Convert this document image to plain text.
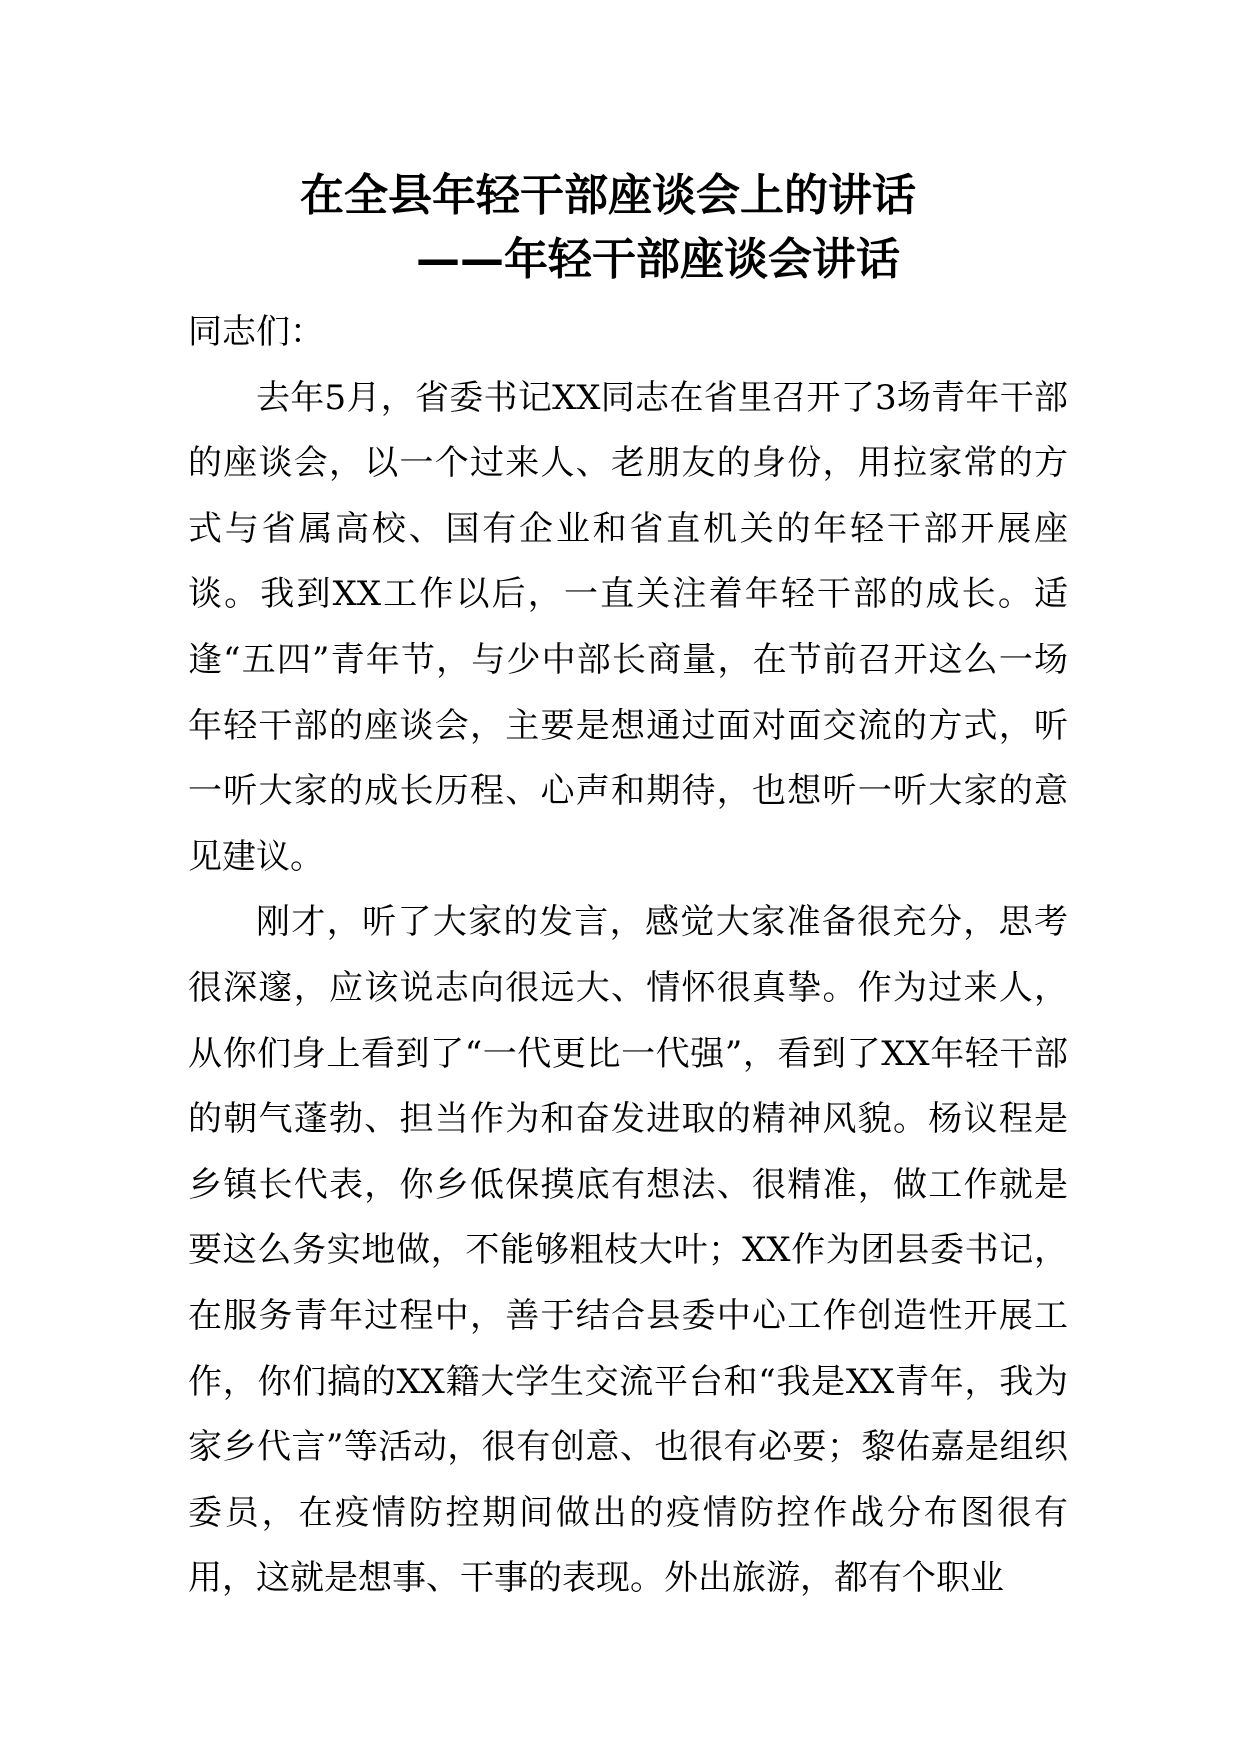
在全县年轻干部座谈会上的讲话
——年轻干部座谈会讲话

同志们：

去年5月，省委书记XX同志在省里召开了3场青年干部的座谈会，以一个过来人、老朋友的身份，用拉家常的方式与省属高校、国有企业和省直机关的年轻干部开展座谈。我到XX工作以后，一直关注着年轻干部的成长。适逢“五四”青年节，与少中部长商量，在节前召开这么一场年轻干部的座谈会，主要是想通过面对面交流的方式，听一听大家的成长历程、心声和期待，也想听一听大家的意见建议。

刚才，听了大家的发言，感觉大家准备很充分，思考很深邃，应该说志向很远大、情怀很真挚。作为过来人，从你们身上看到了“一代更比一代强”，看到了XX年轻干部的朝气蓬勃、担当作为和奋发进取的精神风貌。杨议程是乡镇长代表，你乡低保摸底有想法、很精准，做工作就是要这么务实地做，不能够粗枝大叶；XX作为团县委书记，在服务青年过程中，善于结合县委中心工作创造性开展工作，你们搞的XX籍大学生交流平台和“我是XX青年，我为家乡代言”等活动，很有创意、也很有必要；黎佑嘉是组织委员，在疫情防控期间做出的疫情防控作战分布图很有用，这就是想事、干事的表现。外出旅游，都有个职业
